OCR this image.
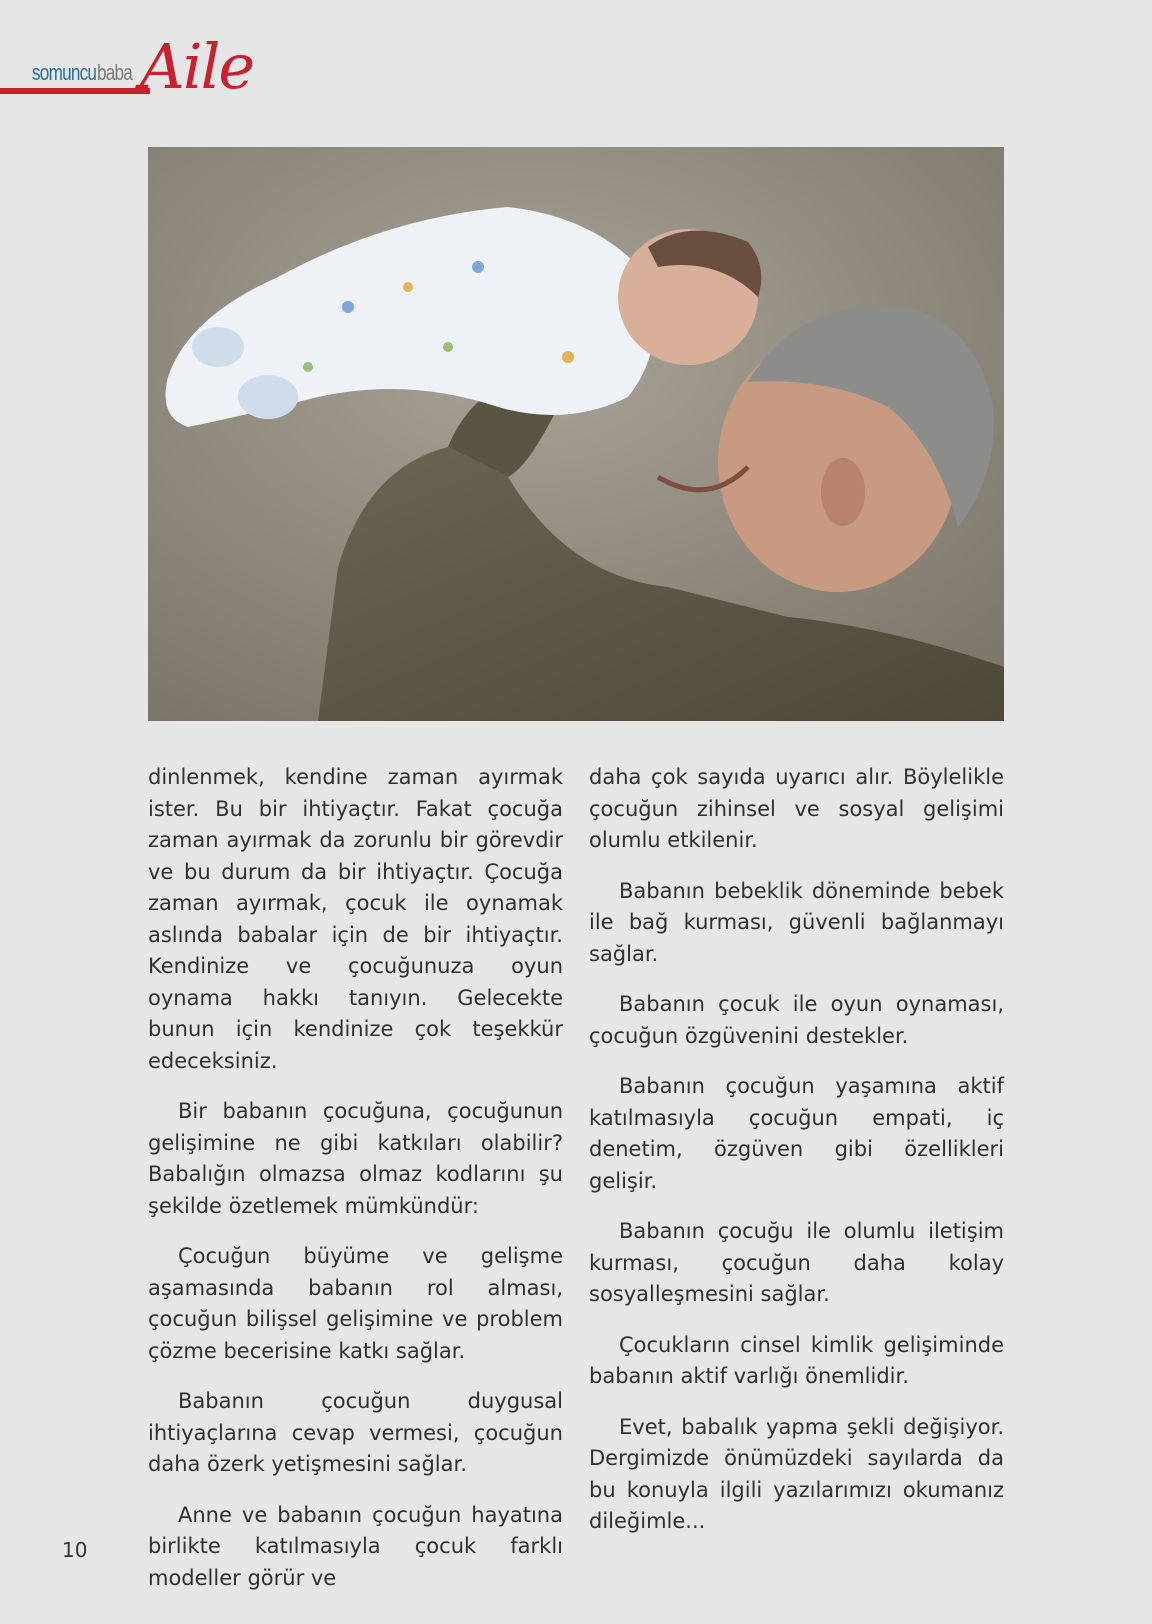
somuncu baba Aile

dinlenmek, kendine zaman ayırmak ister. Bu bir ihtiyaçtır. Fakat çocuğa zaman ayırmak da zorunlu bir görevdir ve bu durum da bir ihtiyaçtır. Çocuğa zaman ayırmak, çocuk ile oynamak aslında babalar için de bir ihtiyaçtır. Kendinize ve çocuğunuza oyun oynama hakkı tanıyın. Gelecekte bunun için kendinize çok teşekkür edeceksiniz.

Bir babanın çocuğuna, çocuğunun gelişimine ne gibi katkıları olabilir? Babalığın olmazsa olmaz kodlarını şu şekilde özetlemek mümkündür:

Çocuğun büyüme ve gelişme aşamasında babanın rol alması, çocuğun bilişsel gelişimine ve problem çözme becerisine katkı sağlar.

Babanın çocuğun duygusal ihtiyaçlarına cevap vermesi, çocuğun daha özerk yetişmesini sağlar.

Anne ve babanın çocuğun hayatına birlikte katılmasıyla çocuk farklı modeller görür ve

daha çok sayıda uyarıcı alır. Böylelikle çocuğun zihinsel ve sosyal gelişimi olumlu etkilenir.

Babanın bebeklik döneminde bebek ile bağ kurması, güvenli bağlanmayı sağlar.

Babanın çocuk ile oyun oynaması, çocuğun özgüvenini destekler.

Babanın çocuğun yaşamına aktif katılmasıyla çocuğun empati, iç denetim, özgüven gibi özellikleri gelişir.

Babanın çocuğu ile olumlu iletişim kurması, çocuğun daha kolay sosyalleşmesini sağlar.

Çocukların cinsel kimlik gelişiminde babanın aktif varlığı önemlidir.

Evet, babalık yapma şekli değişiyor. Dergimizde önümüzdeki sayılarda da bu konuyla ilgili yazılarımızı okumanız dileğimle...

10
